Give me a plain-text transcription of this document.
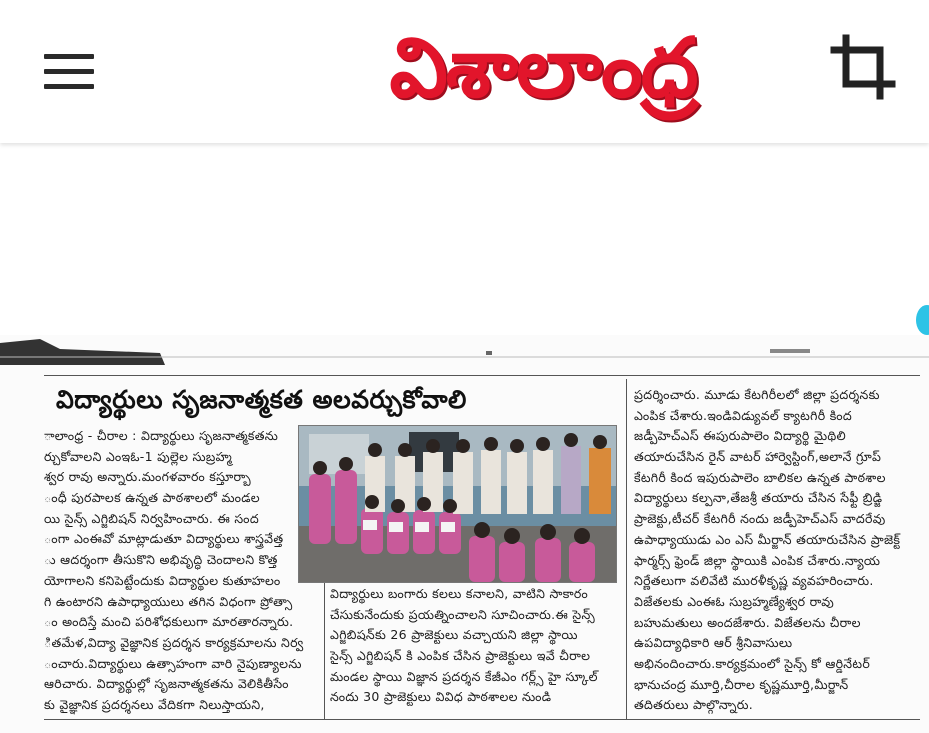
విశాలాంధ్ర
విద్యార్థులు సృజనాత్మకత అలవర్చుకోవాలి
ాలాంధ్ర - చీరాల : విద్యార్థులు సృజనాత్మకతను
ర్చుకోవాలని ఎంఇఓ-1 పుల్లెల సుబ్రహ్మ
శ్వర రావు అన్నారు.మంగళవారం కస్తూర్బా
ంధీ పురపాలక ఉన్నత పాఠశాలలో మండల
యి సైన్స్ ఎగ్జిబిషన్ నిర్వహించారు. ఈ సంద
ంగా ఎంఈవో మాట్లాడుతూ విద్యార్థులు శాస్త్రవేత్త
ు ఆదర్శంగా తీసుకొని అభివృద్ధి చెందాలని కొత్త
యోగాలని కనిపెట్టేందుకు విద్యార్థుల కుతూహలం
గి ఉంటారని ఉపాధ్యాయులు తగిన విధంగా ప్రోత్సా
ం అందిస్తే మంచి పరిశోధకులుగా మారతారన్నారు.
ితమేళ,విద్యా వైజ్ఞానిక ప్రదర్శన కార్యక్రమాలను నిర్వ
ంచారు.విద్యార్థులు ఉత్సాహంగా వారి నైపుణ్యాలను
ఆరిచారు. విద్యార్థుల్లో సృజనాత్మకతను వెలికితీసేం
కు వైజ్ఞానిక ప్రదర్శనలు వేదికగా నిలుస్తాయని,
విద్యార్థులు బంగారు కలలు కనాలని, వాటిని సాకారం
చేసుకునేందుకు ప్రయత్నించాలని సూచించారు.ఈ సైన్స్
ఎగ్జిబిషన్‌కు 26 ప్రాజెక్టులు వచ్చాయని జిల్లా స్థాయి
సైన్స్ ఎగ్జిబిషన్ కి ఎంపిక చేసిన ప్రాజెక్టులు ఇవే చీరాల
మండల స్థాయి విజ్ఞాన ప్రదర్శన కేజీఎం గర్ల్స్ హై స్కూల్
నందు 30 ప్రాజెక్టులు వివిధ పాఠశాలల నుండి
ప్రదర్శించారు. మూడు కేటగిరీలలో జిల్లా ప్రదర్శనకు
ఎంపిక చేశారు.ఇండివిడ్యువల్ క్యాటగిరీ కింద
జడ్పీహెచ్ఎస్ ఈపురుపాలెం విద్యార్థి మైథిలి
తయారుచేసిన రైన్ వాటర్ హార్వెస్టింగ్,అలానే గ్రూప్
కేటగిరీ కింద ఇపురుపాలెం బాలికల ఉన్నత పాఠశాల
విద్యార్థులు కల్పనా,తేజశ్రీ తయారు చేసిన సేఫ్టీ బ్రిడ్జి
ప్రాజెక్టు,టీచర్ కేటగిరీ నందు జడ్పీహెచ్ఎస్ వాదరేవు
ఉపాధ్యాయుడు ఎం ఎస్ మీర్జాన్ తయారుచేసిన ప్రాజెక్ట్
ఫార్మర్స్ ఫ్రెండ్ జిల్లా స్థాయికి ఎంపిక చేశారు.న్యాయ
నిర్ణేతలుగా వలివేటి మురళీకృష్ణ వ్యవహరించారు.
విజేతలకు ఎంఈఓ సుబ్రహ్మణ్యేశ్వర రావు
బహుమతులు అందజేశారు. విజేతలను చీరాల
ఉపవిద్యాధికారి ఆర్ శ్రీనివాసులు
అభినందించారు.కార్యక్రమంలో సైన్స్ కో ఆర్డినేటర్
భానుచంద్ర మూర్తి,చీరాల కృష్ణమూర్తి,మీర్జాన్
తదితరులు పాల్గొన్నారు.
